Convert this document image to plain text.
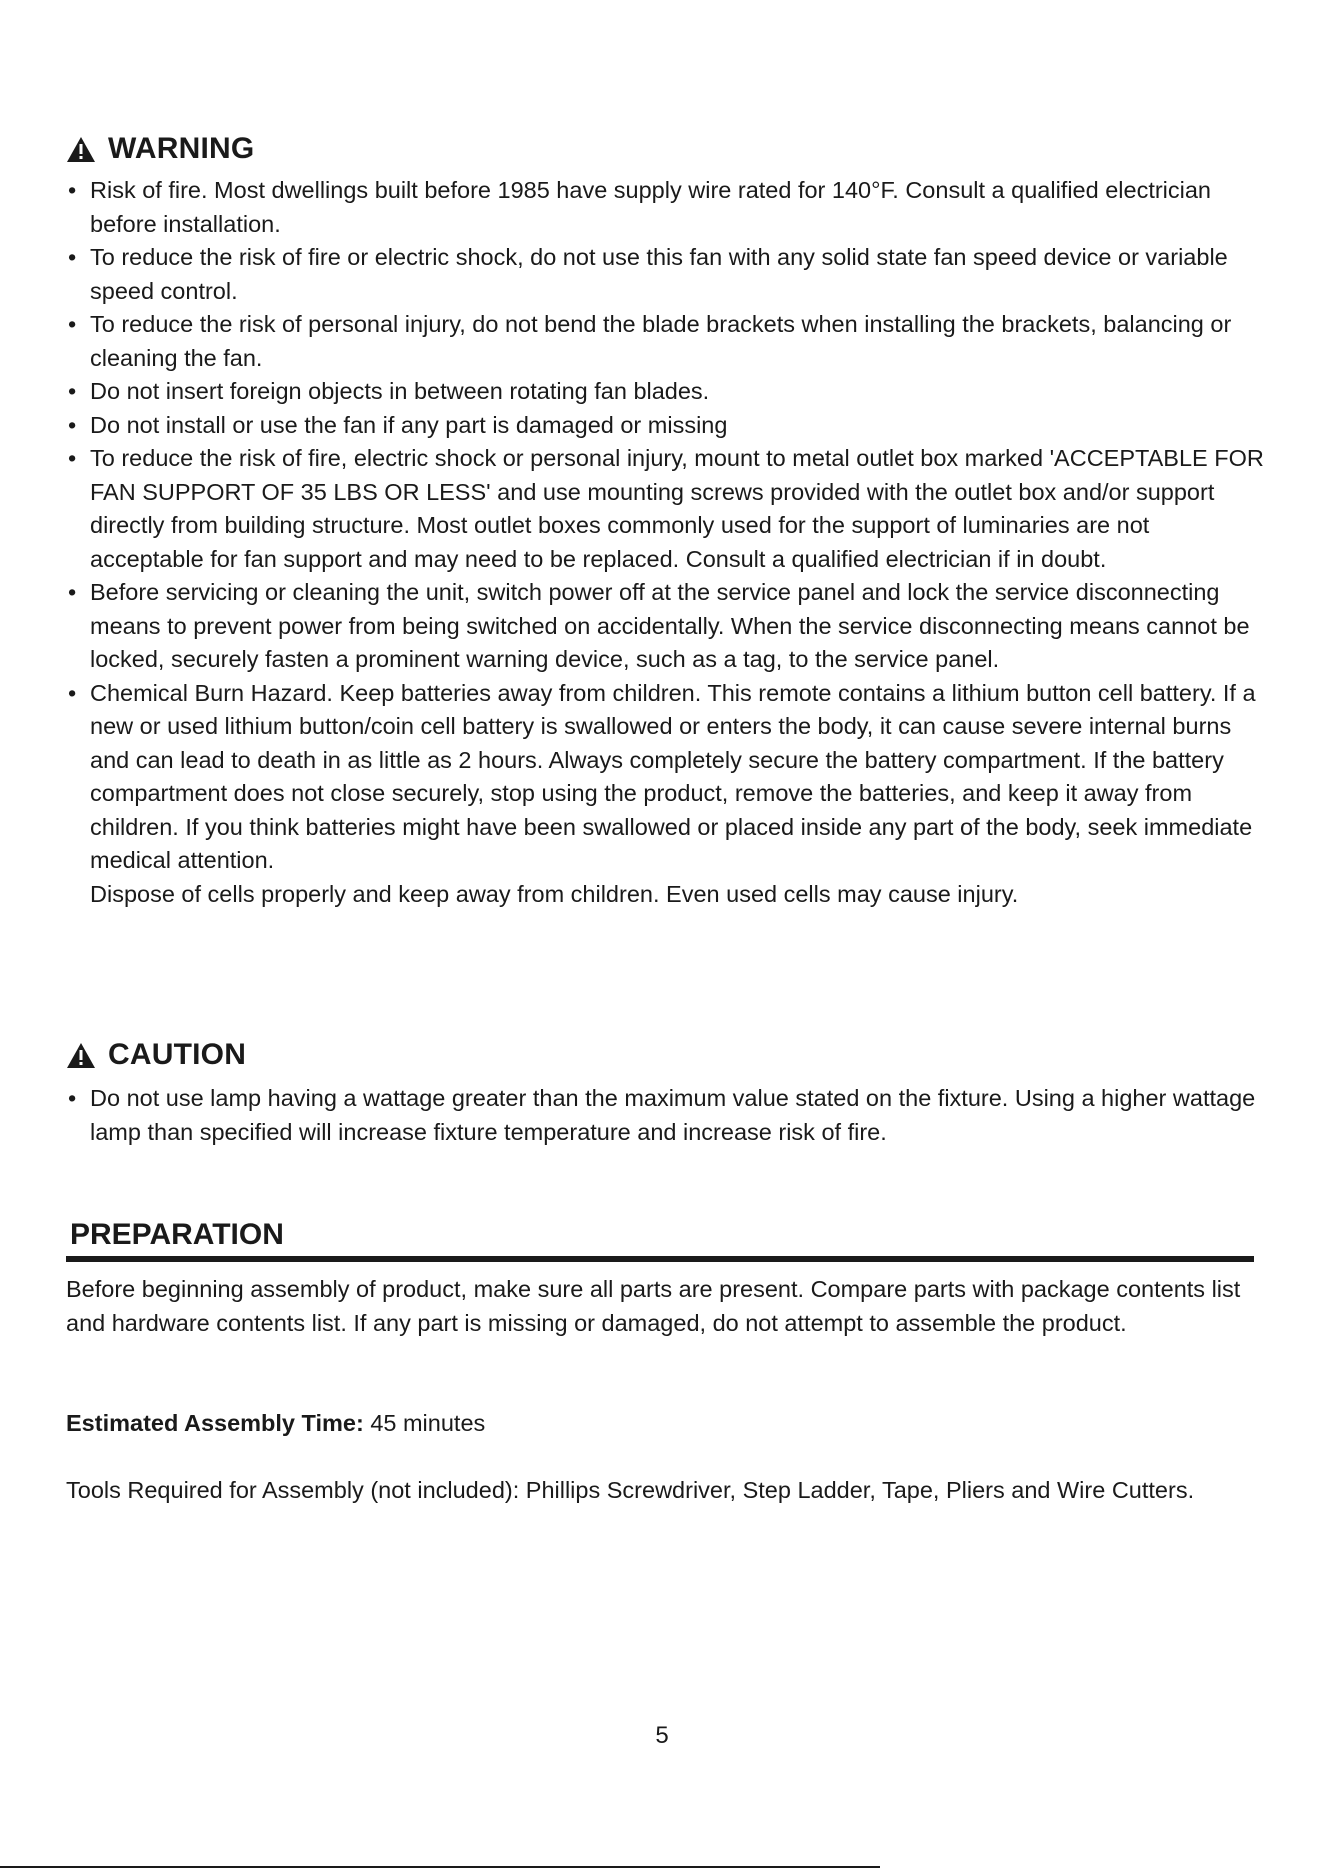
WARNING
• Risk of fire. Most dwellings built before 1985 have supply wire rated for 140°F. Consult a qualified electrician before installation.
• To reduce the risk of fire or electric shock, do not use this fan with any solid state fan speed device or variable speed control.
• To reduce the risk of personal injury, do not bend the blade brackets when installing the brackets, balancing or cleaning the fan.
• Do not insert foreign objects in between rotating fan blades.
• Do not install or use the fan if any part is damaged or missing
• To reduce the risk of fire, electric shock or personal injury, mount to metal outlet box marked 'ACCEPTABLE FOR FAN SUPPORT OF 35 LBS OR LESS' and use mounting screws provided with the outlet box and/or support directly from building structure. Most outlet boxes commonly used for the support of luminaries are not acceptable for fan support and may need to be replaced. Consult a qualified electrician if in doubt.
• Before servicing or cleaning the unit, switch power off at the service panel and lock the service disconnecting means to prevent power from being switched on accidentally. When the service disconnecting means cannot be locked, securely fasten a prominent warning device, such as a tag, to the service panel.
• Chemical Burn Hazard. Keep batteries away from children. This remote contains a lithium button cell battery. If a new or used lithium button/coin cell battery is swallowed or enters the body, it can cause severe internal burns and can lead to death in as little as 2 hours. Always completely secure the battery compartment. If the battery compartment does not close securely, stop using the product, remove the batteries, and keep it away from children. If you think batteries might have been swallowed or placed inside any part of the body, seek immediate medical attention.
Dispose of cells properly and keep away from children. Even used cells may cause injury.
CAUTION
• Do not use lamp having a wattage greater than the maximum value stated on the fixture. Using a higher wattage lamp than specified will increase fixture temperature and increase risk of fire.
PREPARATION

Before beginning assembly of product, make sure all parts are present. Compare parts with package contents list and hardware contents list. If any part is missing or damaged, do not attempt to assemble the product.

Estimated Assembly Time: 45 minutes

Tools Required for Assembly (not included): Phillips Screwdriver, Step Ladder, Tape, Pliers and Wire Cutters.

5
